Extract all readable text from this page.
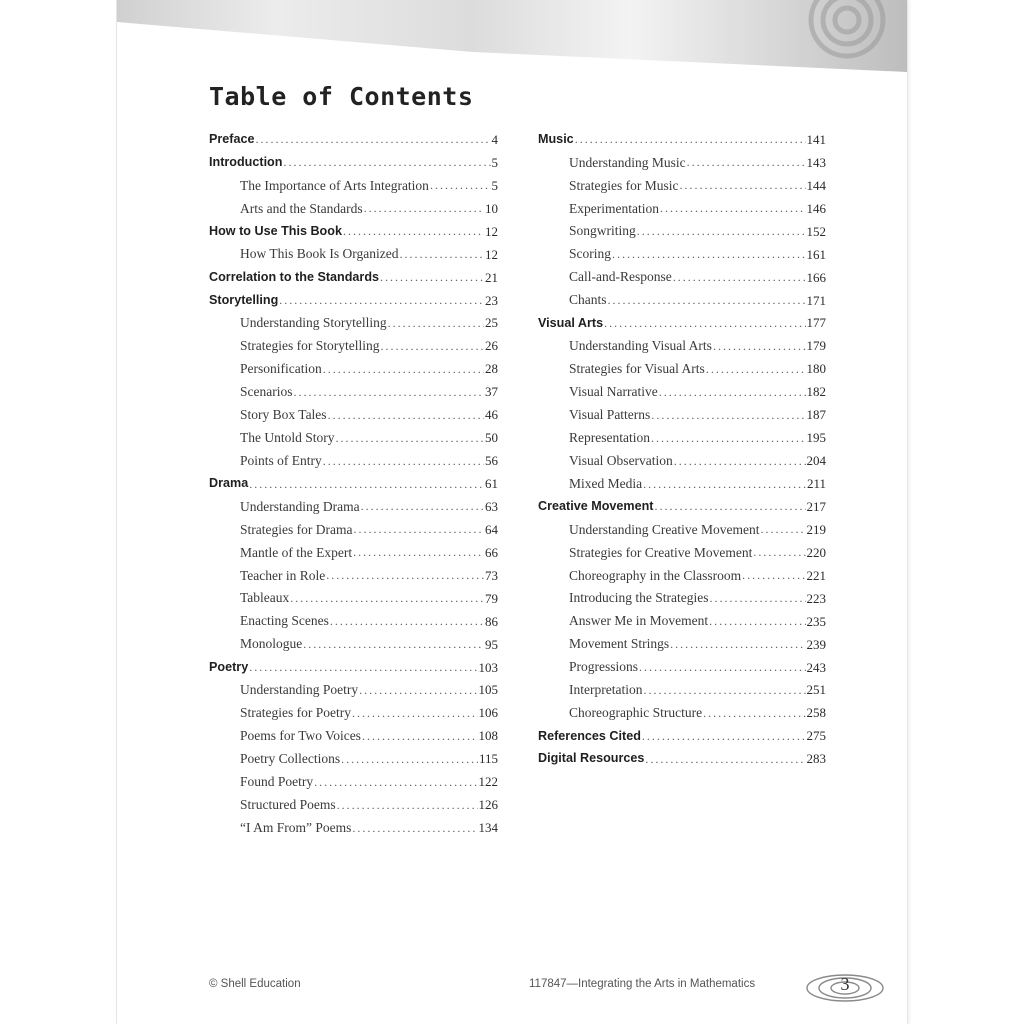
Table of Contents
Preface .....	4
Introduction .....	5
The Importance of Arts Integration .....	5
Arts and the Standards .....	10
How to Use This Book .....	12
How This Book Is Organized .....	12
Correlation to the Standards .....	21
Storytelling .....	23
Understanding Storytelling .....	25
Strategies for Storytelling .....	26
Personification .....	28
Scenarios .....	37
Story Box Tales .....	46
The Untold Story .....	50
Points of Entry .....	56
Drama .....	61
Understanding Drama .....	63
Strategies for Drama .....	64
Mantle of the Expert .....	66
Teacher in Role .....	73
Tableaux .....	79
Enacting Scenes .....	86
Monologue .....	95
Poetry .....	103
Understanding Poetry .....	105
Strategies for Poetry .....	106
Poems for Two Voices .....	108
Poetry Collections .....	115
Found Poetry .....	122
Structured Poems .....	126
“I Am From” Poems .....	134
Music .....	141
Understanding Music .....	143
Strategies for Music .....	144
Experimentation .....	146
Songwriting .....	152
Scoring .....	161
Call-and-Response .....	166
Chants .....	171
Visual Arts .....	177
Understanding Visual Arts .....	179
Strategies for Visual Arts .....	180
Visual Narrative .....	182
Visual Patterns .....	187
Representation .....	195
Visual Observation .....	204
Mixed Media .....	211
Creative Movement .....	217
Understanding Creative Movement .....	219
Strategies for Creative Movement .....	220
Choreography in the Classroom .....	221
Introducing the Strategies .....	223
Answer Me in Movement .....	235
Movement Strings .....	239
Progressions .....	243
Interpretation .....	251
Choreographic Structure .....	258
References Cited .....	275
Digital Resources .....	283
© Shell Education	117847—Integrating the Arts in Mathematics	3
